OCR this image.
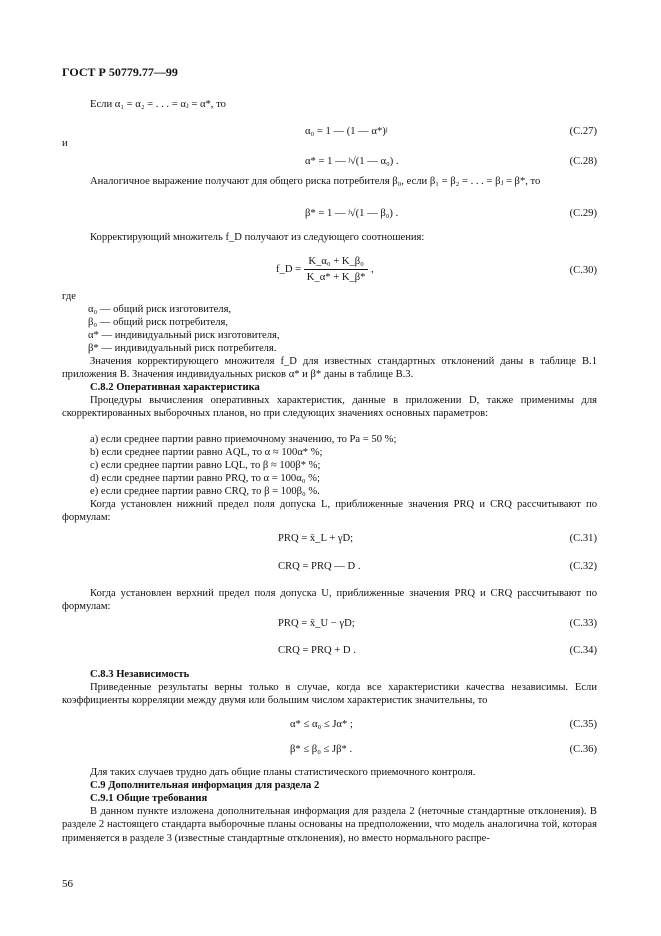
ГОСТ Р 50779.77—99
Если α₁ = α₂ = . . . = αⱼ = α*, то
α₀ = 1 — (1 — α*)ʲ	(С.27)
и
α* = 1 — ʲ√(1 — α₀) .	(С.28)
Аналогичное выражение получают для общего риска потребителя β₀, если β₁ = β₂ = . . . = βⱼ = β*, то
β* = 1 — ʲ√(1 — β₀) .	(С.29)
Корректирующий множитель f_D получают из следующего соотношения:
f_D = $\frac{\text{K\_α₀ + K\_β₀}}{K\_\alpha* + K\_\beta*}$ ,	(С.30)
где
α₀ — общий риск изготовителя,
β₀ — общий риск потребителя,
α* — индивидуальный риск изготовителя,
β* — индивидуальный риск потребителя.
Значения корректирующего множителя f_D для известных стандартных отклонений даны в таблице В.1 приложения В. Значения индивидуальных рисков α* и β* даны в таблице В.3.
С.8.2 Оперативная характеристика
Процедуры вычисления оперативных характеристик, данные в приложении D, также применимы для скорректированных выборочных планов, но при следующих значениях основных параметров:
а) если среднее партии равно приемочному значению, то Pa = 50 %;
b) если среднее партии равно AQL, то α ≈ 100α* %;
c) если среднее партии равно LQL, то β ≈ 100β* %;
d) если среднее партии равно PRQ, то α = 100α₀ %;
e) если среднее партии равно CRQ, то β = 100β₀ %.
Когда установлен нижний предел поля допуска L, приближенные значения PRQ и CRQ рассчитывают по формулам:
PRQ = x̄_L + γD;	(С.31)
CRQ = PRQ — D .	(С.32)
Когда установлен верхний предел поля допуска U, приближенные значения PRQ и CRQ рассчитывают по формулам:
PRQ = x̄_U − γD;	(С.33)
CRQ = PRQ + D .	(С.34)
С.8.3 Независимость
Приведенные результаты верны только в случае, когда все характеристики качества независимы. Если коэффициенты корреляции между двумя или большим числом характеристик значительны, то
α* ≤ α₀ ≤ Jα* ;	(С.35)
β* ≤ β₀ ≤ Jβ* .	(С.36)
Для таких случаев трудно дать общие планы статистического приемочного контроля.
С.9 Дополнительная информация для раздела 2
С.9.1 Общие требования
В данном пункте изложена дополнительная информация для раздела 2 (неточные стандартные отклонения). В разделе 2 настоящего стандарта выборочные планы основаны на предположении, что модель аналогична той, которая применяется в разделе 3 (известные стандартные отклонения), но вместо нормального распре-
56
